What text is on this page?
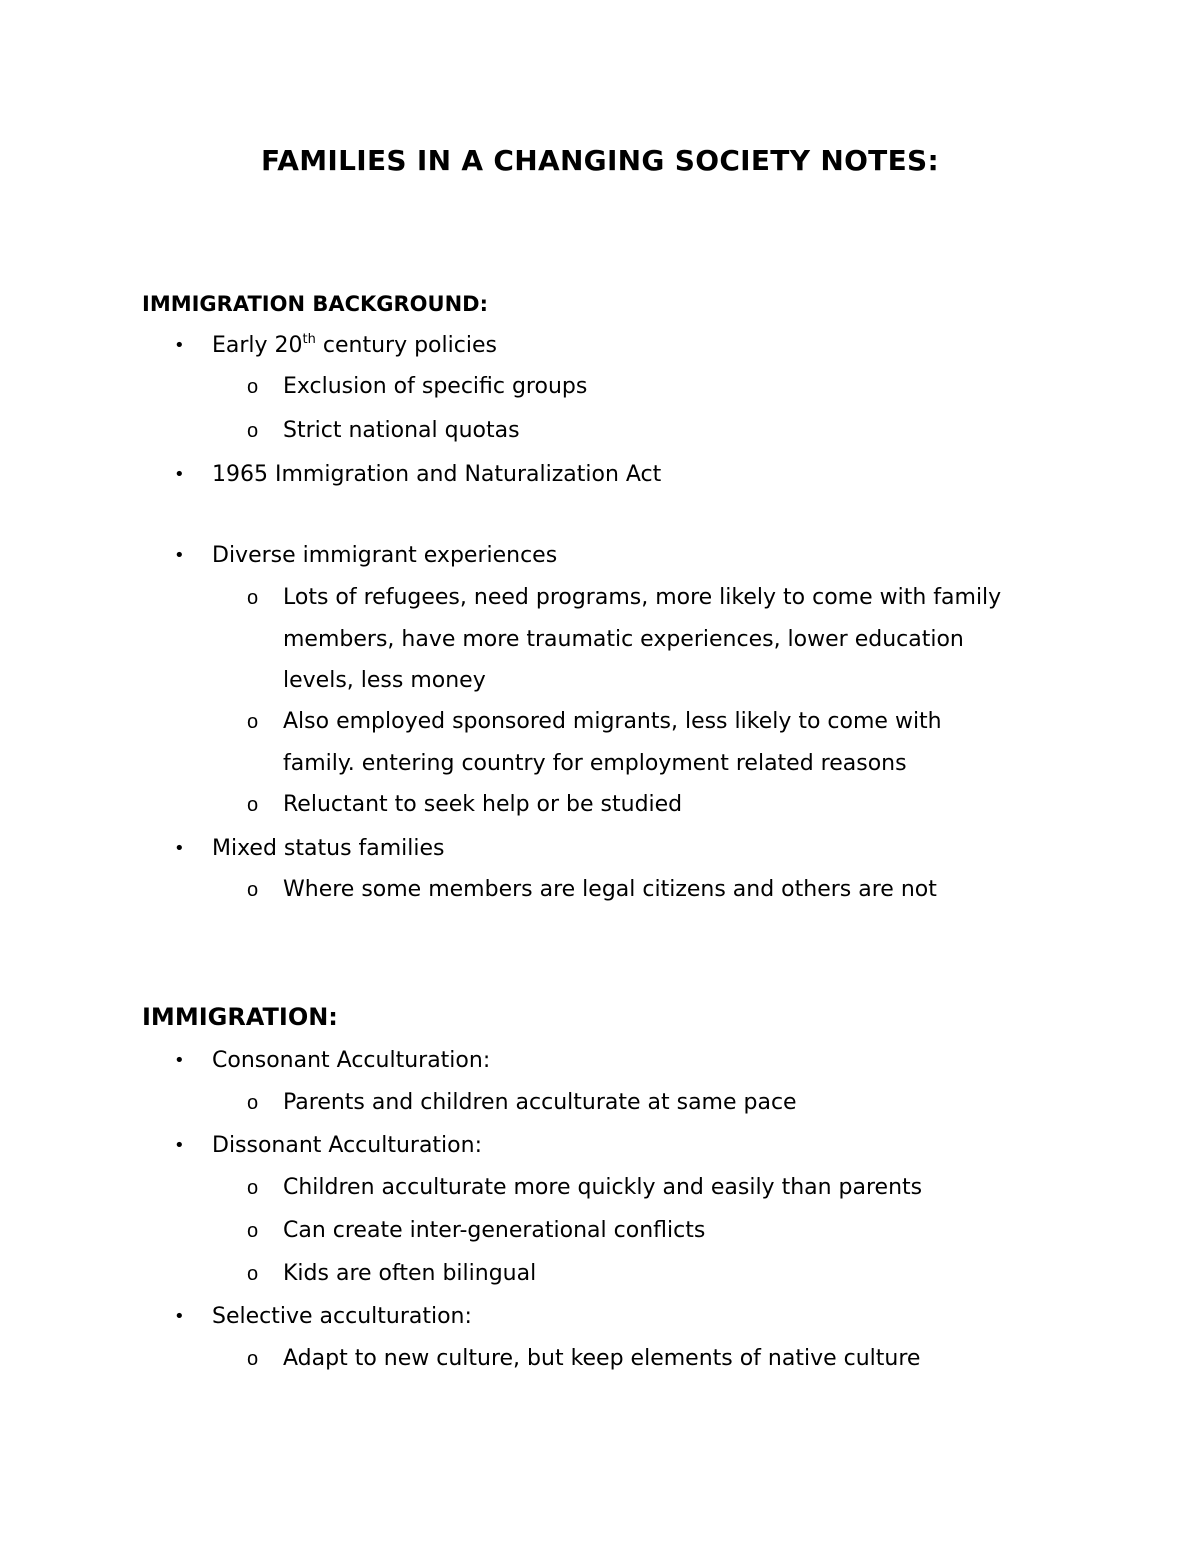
FAMILIES IN A CHANGING SOCIETY NOTES:
IMMIGRATION BACKGROUND:
• Early 20th century policies

o Exclusion of specific groups

o Strict national quotas

• 1965 Immigration and Naturalization Act

• Diverse immigrant experiences

o Lots of refugees, need programs, more likely to come with family

members, have more traumatic experiences, lower education

levels, less money

o Also employed sponsored migrants, less likely to come with

family. entering country for employment related reasons

o Reluctant to seek help or be studied

• Mixed status families

o Where some members are legal citizens and others are not

IMMIGRATION:
• Consonant Acculturation:

o Parents and children acculturate at same pace

• Dissonant Acculturation:

o Children acculturate more quickly and easily than parents

o Can create inter-generational conflicts

o Kids are often bilingual

• Selective acculturation:

o Adapt to new culture, but keep elements of native culture
